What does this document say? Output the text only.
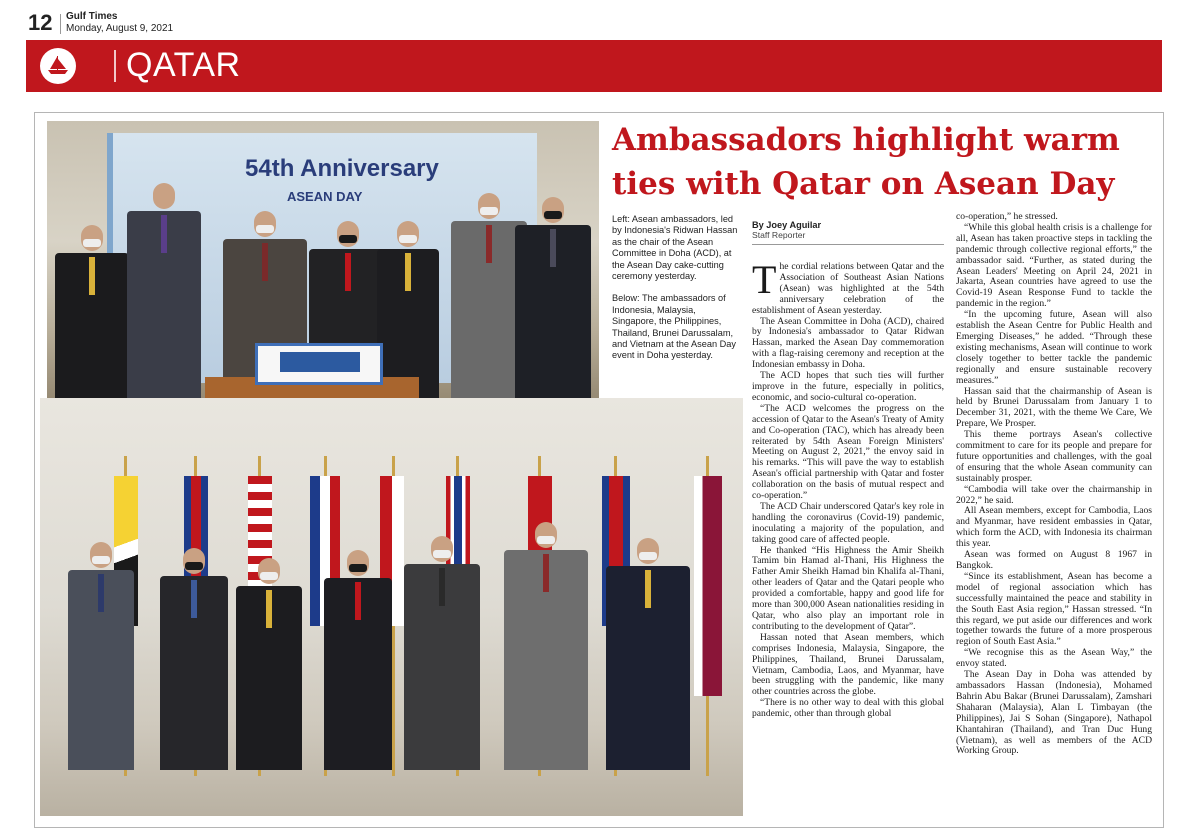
12 Gulf Times
Monday, August 9, 2021
QATAR
54th Anniversary
ASEAN DAY
Ambassadors highlight warm
ties with Qatar on Asean Day

Left: Asean ambassadors, led by Indonesia's Ridwan Hassan as the chair of the Asean Committee in Doha (ACD), at the Asean Day cake-cutting ceremony yesterday.

Below: The ambassadors of Indonesia, Malaysia, Singapore, the Philippines, Thailand, Brunei Darussalam, and Vietnam at the Asean Day event in Doha yesterday.

By Joey Aguilar
Staff Reporter

The cordial relations between Qatar and the Association of Southeast Asian Nations (Asean) was highlighted at the 54th anniversary celebration of the establishment of Asean yesterday.

The Asean Committee in Doha (ACD), chaired by Indonesia's ambassador to Qatar Ridwan Hassan, marked the Asean Day commemoration with a flag-raising ceremony and reception at the Indonesian embassy in Doha.

The ACD hopes that such ties will further improve in the future, especially in politics, economic, and socio-cultural co-operation.

“The ACD welcomes the progress on the accession of Qatar to the Asean's Treaty of Amity and Co-operation (TAC), which has already been reiterated by 54th Asean Foreign Ministers' Meeting on August 2, 2021,” the envoy said in his remarks. “This will pave the way to establish Asean's official partnership with Qatar and foster collaboration on the basis of mutual respect and co-operation.”

The ACD Chair underscored Qatar's key role in handling the coronavirus (Covid-19) pandemic, inoculating a majority of the population, and taking good care of affected people.

He thanked “His Highness the Amir Sheikh Tamim bin Hamad al-Thani, His Highness the Father Amir Sheikh Hamad bin Khalifa al-Thani, other leaders of Qatar and the Qatari people who provided a comfortable, happy and good life for more than 300,000 Asean nationalities residing in Qatar, who also play an important role in contributing to the development of Qatar”.

Hassan noted that Asean members, which comprises Indonesia, Malaysia, Singapore, the Philippines, Thailand, Brunei Darussalam, Vietnam, Cambodia, Laos, and Myanmar, have been struggling with the pandemic, like many other countries across the globe.

“There is no other way to deal with this global pandemic, other than through global

co-operation,” he stressed.

“While this global health crisis is a challenge for all, Asean has taken proactive steps in tackling the pandemic through collective regional efforts,” the ambassador said. “Further, as stated during the Asean Leaders' Meeting on April 24, 2021 in Jakarta, Asean countries have agreed to use the Covid-19 Asean Response Fund to tackle the pandemic in the region.”

“In the upcoming future, Asean will also establish the Asean Centre for Public Health and Emerging Diseases,” he added. “Through these existing mechanisms, Asean will continue to work closely together to better tackle the pandemic regionally and ensure sustainable recovery measures.”

Hassan said that the chairmanship of Asean is held by Brunei Darussalam from January 1 to December 31, 2021, with the theme We Care, We Prepare, We Prosper.

This theme portrays Asean's collective commitment to care for its people and prepare for future opportunities and challenges, with the goal of ensuring that the whole Asean community can sustainably prosper.

“Cambodia will take over the chairmanship in 2022,” he said.

All Asean members, except for Cambodia, Laos and Myanmar, have resident embassies in Qatar, which form the ACD, with Indonesia its chairman this year.

Asean was formed on August 8 1967 in Bangkok.

“Since its establishment, Asean has become a model of regional association which has successfully maintained the peace and stability in the South East Asia region,” Hassan stressed. “In this regard, we put aside our differences and work together towards the future of a more prosperous region of South East Asia.”

“We recognise this as the Asean Way,” the envoy stated.

The Asean Day in Doha was attended by ambassadors Hassan (Indonesia), Mohamed Bahrin Abu Bakar (Brunei Darussalam), Zamshari Shaharan (Malaysia), Alan L Timbayan (the Philippines), Jai S Sohan (Singapore), Nathapol Khantahiran (Thailand), and Tran Duc Hung (Vietnam), as well as members of the ACD Working Group.
